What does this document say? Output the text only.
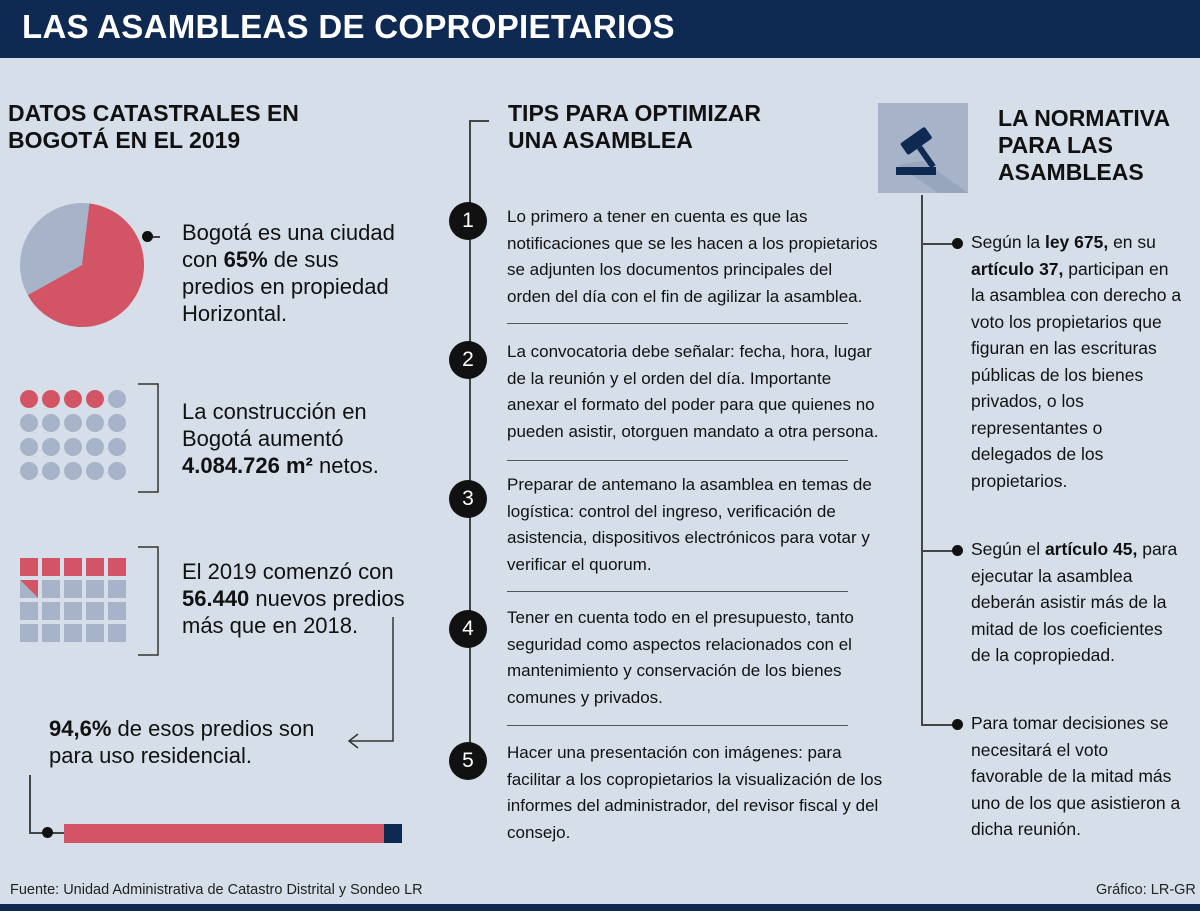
LAS ASAMBLEAS DE COPROPIETARIOS
DATOS CATASTRALES EN
BOGOTÁ EN EL 2019
Bogotá es una ciudad
con 65% de sus
predios en propiedad
Horizontal.
La construcción en
Bogotá aumentó
4.084.726 m² netos.
El 2019 comenzó con
56.440 nuevos predios
más que en 2018.
94,6% de esos predios son
para uso residencial.
TIPS PARA OPTIMIZAR
UNA ASAMBLEA
1	Lo primero a tener en cuenta es que las
notificaciones que se les hacen a los propietarios
se adjunten los documentos principales del
orden del día con el fin de agilizar la asamblea.
2	La convocatoria debe señalar: fecha, hora, lugar
de la reunión y el orden del día. Importante
anexar el formato del poder para que quienes no
pueden asistir, otorguen mandato a otra persona.
3
Preparar de antemano la asamblea en temas de
logística: control del ingreso, verificación de
asistencia, dispositivos electrónicos para votar y
verificar el quorum.
4	Tener en cuenta todo en el presupuesto, tanto
seguridad como aspectos relacionados con el
mantenimiento y conservación de los bienes
comunes y privados.
5	Hacer una presentación con imágenes: para
facilitar a los copropietarios la visualización de los
informes del administrador, del revisor fiscal y del
consejo.
LA NORMATIVA
PARA LAS
ASAMBLEAS
Según la ley 675, en su
artículo 37, participan en
la asamblea con derecho a
voto los propietarios que
figuran en las escrituras
públicas de los bienes
privados, o los
representantes o
delegados de los
propietarios.
Según el artículo 45, para
ejecutar la asamblea
deberán asistir más de la
mitad de los coeficientes
de la copropiedad.
Para tomar decisiones se
necesitará el voto
favorable de la mitad más
uno de los que asistieron a
dicha reunión.
Fuente: Unidad Administrativa de Catastro Distrital y Sondeo LR	Gráfico: LR-GR
